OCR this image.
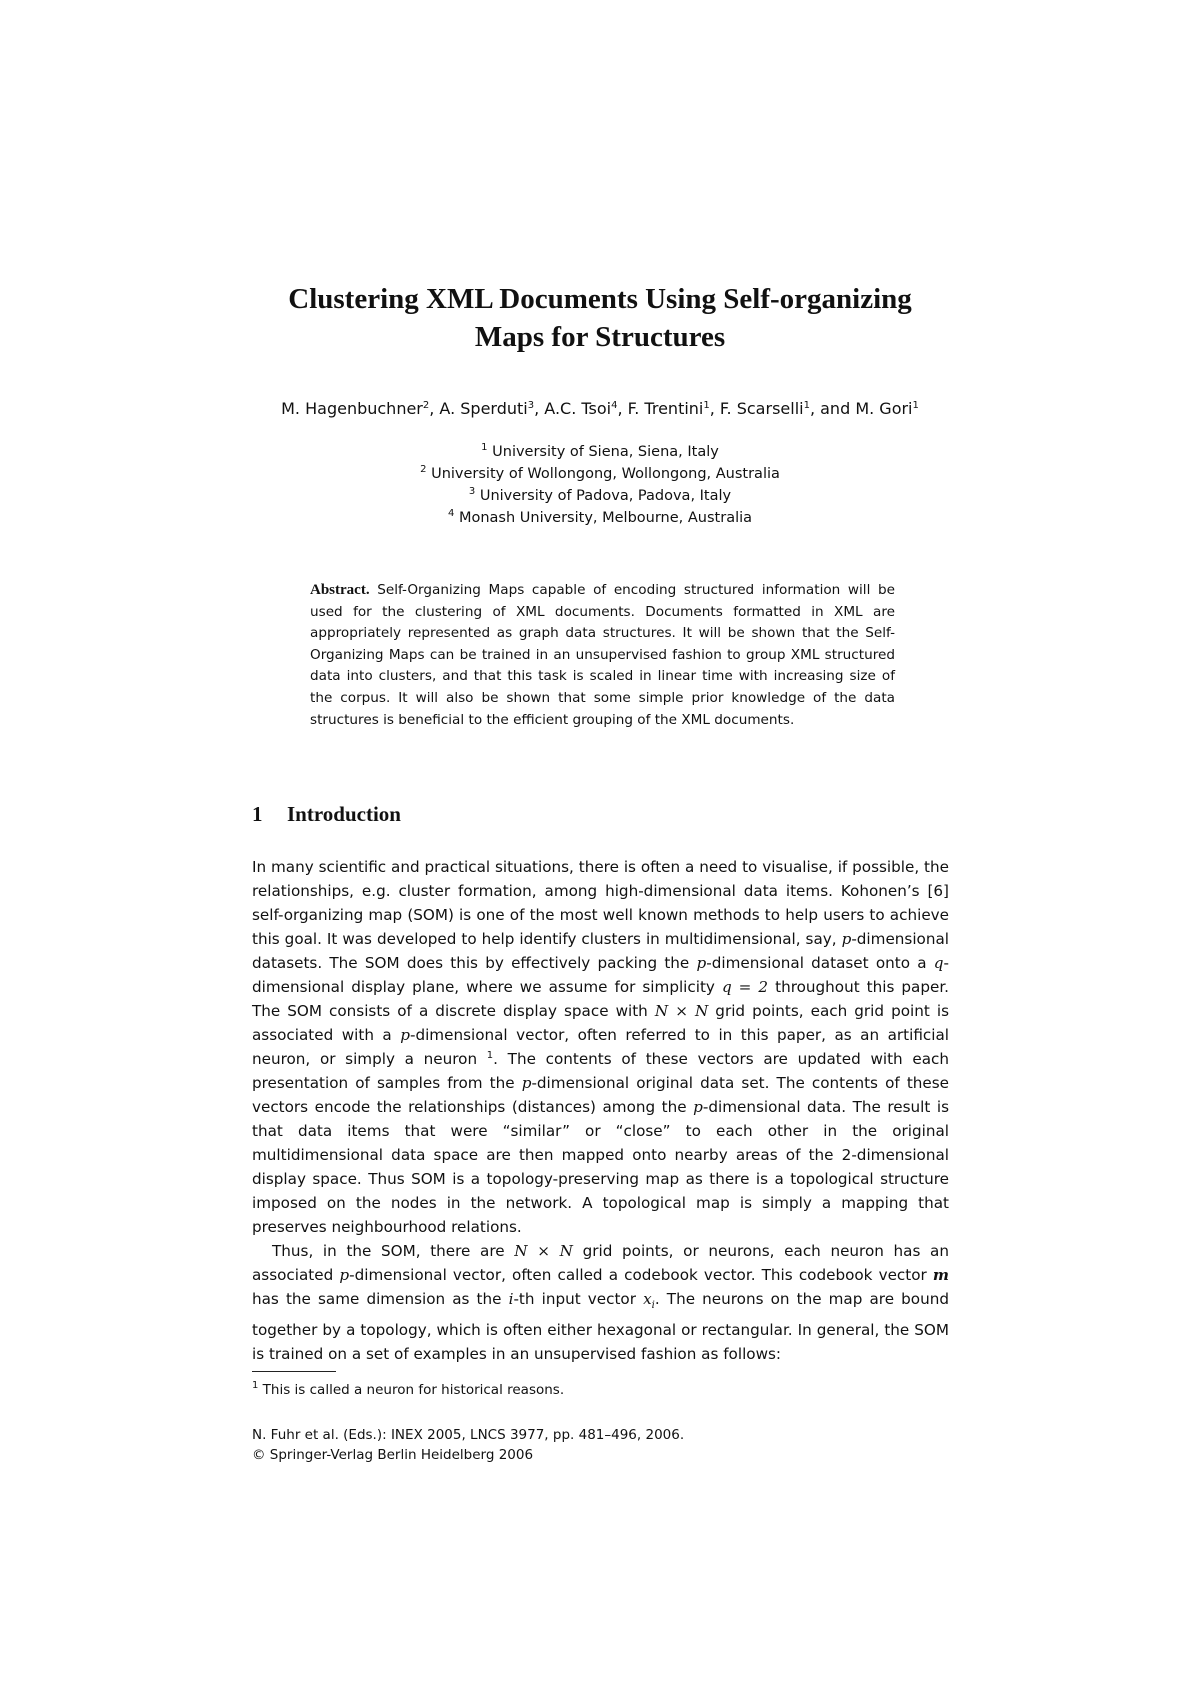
Clustering XML Documents Using Self-organizing
Maps for Structures
M. Hagenbuchner$^2$, A. Sperduti$^3$, A.C. Tsoi$^4$, F. Trentini$^1$, F. Scarselli$^1$, and M. Gori$^1$
$^1$ University of Siena, Siena, Italy
$^2$ University of Wollongong, Wollongong, Australia
$^3$ University of Padova, Padova, Italy
$^4$ Monash University, Melbourne, Australia
Abstract. Self-Organizing Maps capable of encoding structured information will be used for the clustering of XML documents. Documents formatted in XML are appropriately represented as graph data structures. It will be shown that the Self-Organizing Maps can be trained in an unsupervised fashion to group XML structured data into clusters, and that this task is scaled in linear time with increasing size of the corpus. It will also be shown that some simple prior knowledge of the data structures is beneficial to the efficient grouping of the XML documents.
1 Introduction

In many scientific and practical situations, there is often a need to visualise, if possible, the relationships, e.g. cluster formation, among high-dimensional data items. Kohonen’s [6] self-organizing map (SOM) is one of the most well known methods to help users to achieve this goal. It was developed to help identify clusters in multidimensional, say, p-dimensional datasets. The SOM does this by effectively packing the p-dimensional dataset onto a q-dimensional display plane, where we assume for simplicity q = 2 throughout this paper. The SOM consists of a discrete display space with N × N grid points, each grid point is associated with a p-dimensional vector, often referred to in this paper, as an artificial neuron, or simply a neuron $^1$. The contents of these vectors are updated with each presentation of samples from the p-dimensional original data set. The contents of these vectors encode the relationships (distances) among the p-dimensional data. The result is that data items that were “similar” or “close” to each other in the original multidimensional data space are then mapped onto nearby areas of the 2-dimensional display space. Thus SOM is a topology-preserving map as there is a topological structure imposed on the nodes in the network. A topological map is simply a mapping that preserves neighbourhood relations.

Thus, in the SOM, there are N × N grid points, or neurons, each neuron has an associated p-dimensional vector, often called a codebook vector. This codebook vector m has the same dimension as the i-th input vector $x_i$. The neurons on the map are bound together by a topology, which is often either hexagonal or rectangular. In general, the SOM is trained on a set of examples in an unsupervised fashion as follows:

$^1$ This is called a neuron for historical reasons.
N. Fuhr et al. (Eds.): INEX 2005, LNCS 3977, pp. 481–496, 2006.
© Springer-Verlag Berlin Heidelberg 2006
